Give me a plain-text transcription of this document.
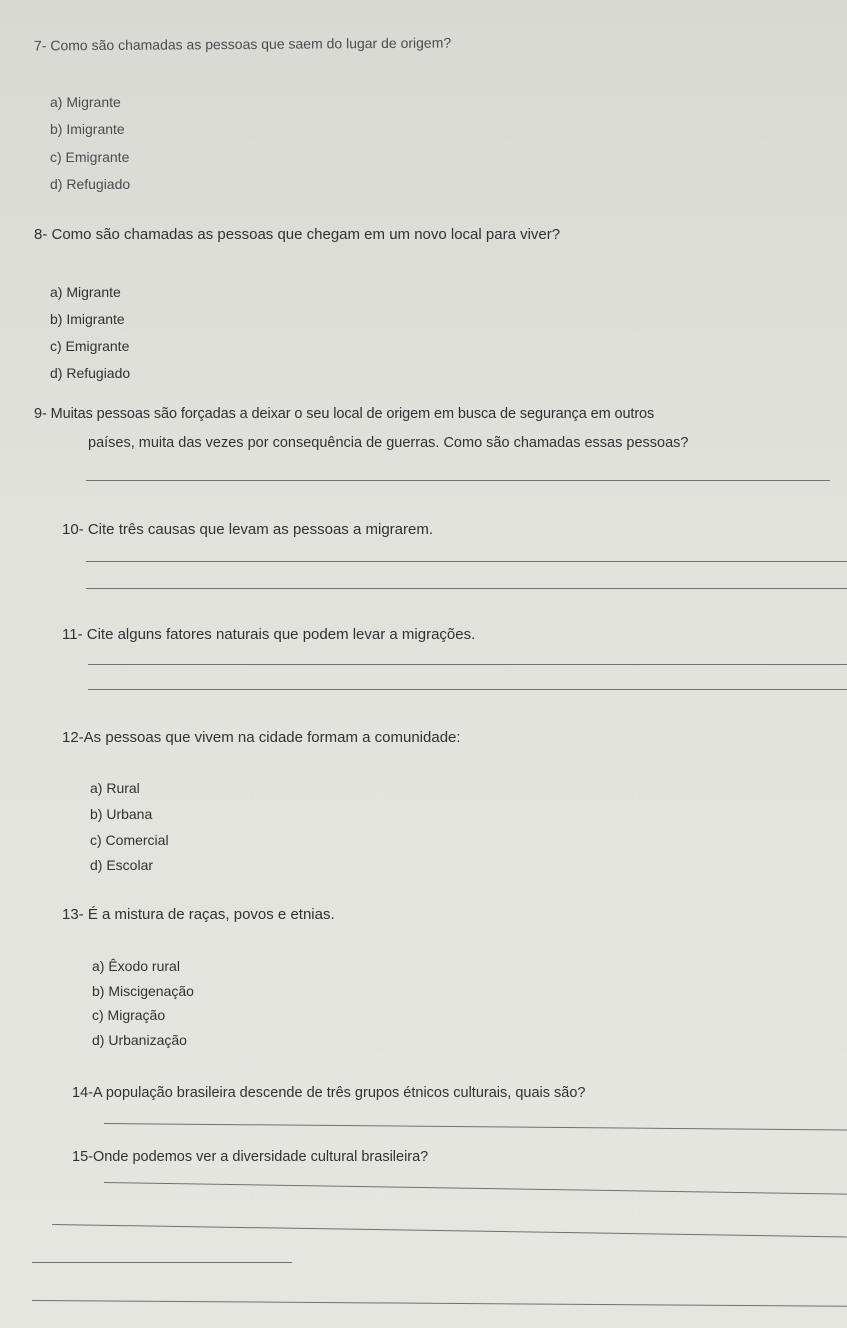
7- Como são chamadas as pessoas que saem do lugar de origem?
a) Migrante
b) Imigrante
c) Emigrante
d) Refugiado
8- Como são chamadas as pessoas que chegam em um novo local para viver?
a) Migrante
b) Imigrante
c) Emigrante
d) Refugiado
9- Muitas pessoas são forçadas a deixar o seu local de origem em busca de segurança em outros
países, muita das vezes por consequência de guerras. Como são chamadas essas pessoas?
10- Cite três causas que levam as pessoas a migrarem.
11- Cite alguns fatores naturais que podem levar a migrações.
12-As pessoas que vivem na cidade formam a comunidade:
a) Rural
b) Urbana
c) Comercial
d) Escolar
13- É a mistura de raças, povos e etnias.
a) Êxodo rural
b) Miscigenação
c) Migração
d) Urbanização
14-A população brasileira descende de três grupos étnicos culturais, quais são?
15-Onde podemos ver a diversidade cultural brasileira?
